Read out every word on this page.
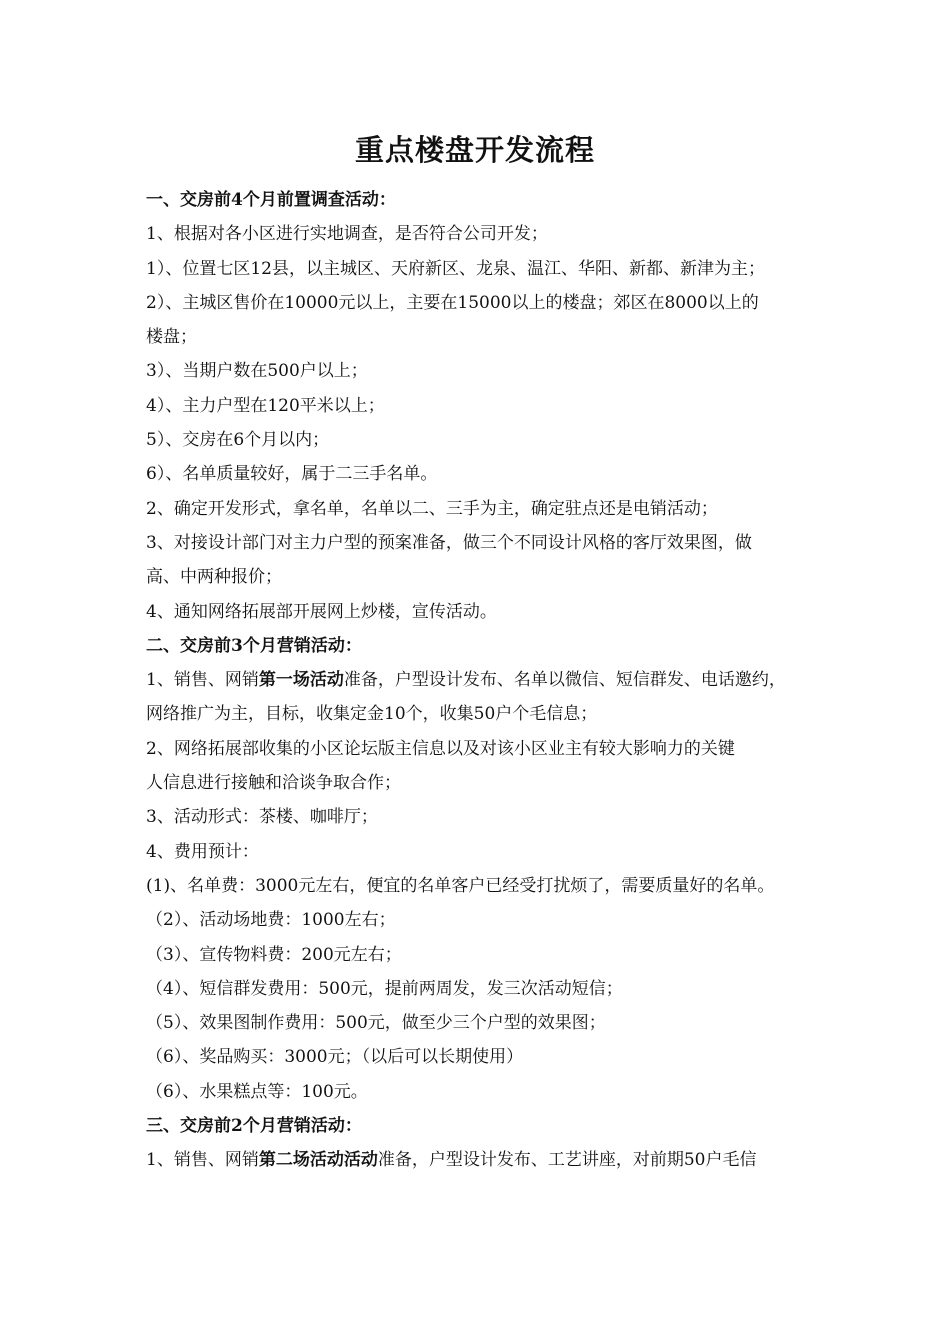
重点楼盘开发流程

一、交房前4个月前置调查活动：

1、根据对各小区进行实地调查，是否符合公司开发；

1）、位置七区12县，以主城区、天府新区、龙泉、温江、华阳、新都、新津为主；

2）、主城区售价在10000元以上，主要在15000以上的楼盘；郊区在8000以上的

楼盘；

3）、当期户数在500户以上；

4）、主力户型在120平米以上；

5）、交房在6个月以内；

6）、名单质量较好，属于二三手名单。

2、确定开发形式，拿名单，名单以二、三手为主，确定驻点还是电销活动；

3、对接设计部门对主力户型的预案准备，做三个不同设计风格的客厅效果图，做

高、中两种报价；

4、通知网络拓展部开展网上炒楼，宣传活动。

二、交房前3个月营销活动：

1、销售、网销第一场活动准备，户型设计发布、名单以微信、短信群发、电话邀约，

网络推广为主，目标，收集定金10个，收集50户个毛信息；

2、网络拓展部收集的小区论坛版主信息以及对该小区业主有较大影响力的关键

人信息进行接触和洽谈争取合作；

3、活动形式：茶楼、咖啡厅；

4、费用预计：

(1)、名单费：3000元左右，便宜的名单客户已经受打扰烦了，需要质量好的名单。

（2）、活动场地费：1000左右；

（3）、宣传物料费：200元左右；

（4）、短信群发费用：500元，提前两周发，发三次活动短信；

（5）、效果图制作费用：500元，做至少三个户型的效果图；

（6）、奖品购买：3000元；（以后可以长期使用）

（6）、水果糕点等：100元。

三、交房前2个月营销活动：

1、销售、网销第二场活动活动准备，户型设计发布、工艺讲座，对前期50户毛信
